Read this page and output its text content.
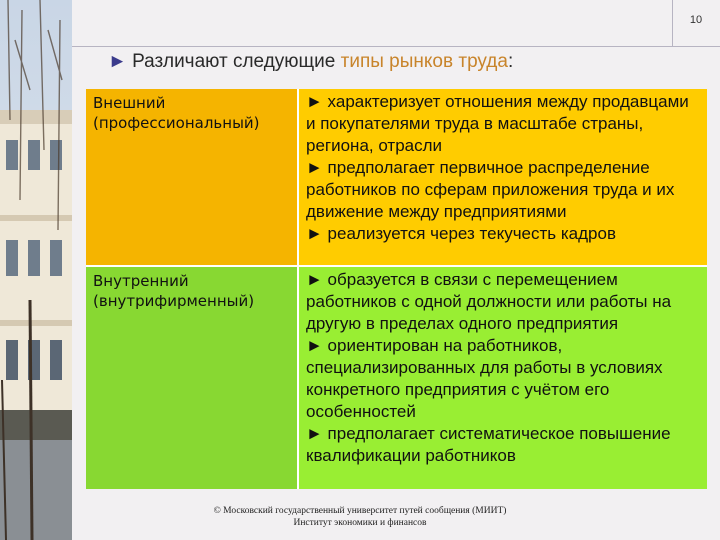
10
► Различают следующие типы рынков труда:
Внешний (профессиональный)	► характеризует отношения между продавцами и покупателями труда в масштабе страны, региона, отрасли
► предполагает первичное распределение работников по сферам приложения труда и их движение между предприятиями
► реализуется через текучесть кадров

Внутренний (внутрифирменный)	► образуется в связи с перемещением работников с одной должности или работы на другую в пределах одного предприятия
► ориентирован на работников, специализированных для работы в условиях конкретного предприятия с учётом его особенностей
► предполагает систематическое повышение квалификации работников
© Московский государственный университет путей сообщения (МИИТ)
Институт экономики и финансов
